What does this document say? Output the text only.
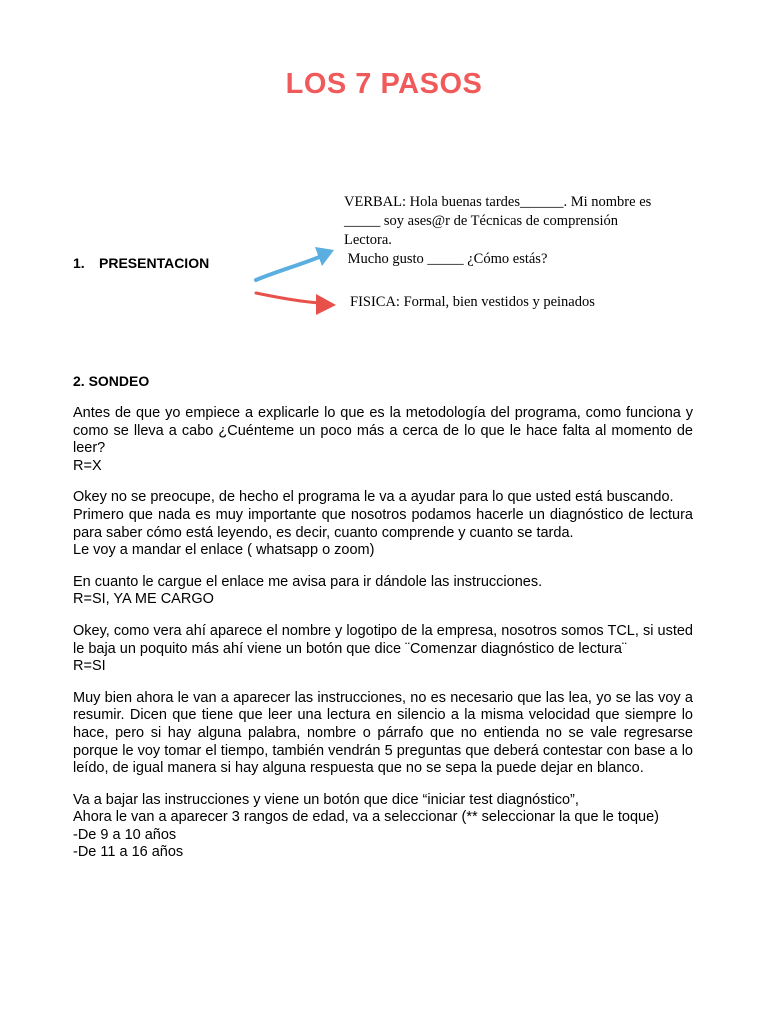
LOS 7 PASOS
1. PRESENTACION
VERBAL: Hola buenas tardes______. Mi nombre es
_____ soy ases@r de Técnicas de comprensión
Lectora.
Mucho gusto _____ ¿Cómo estás?
FISICA: Formal, bien vestidos y peinados
2. SONDEO

Antes de que yo empiece a explicarle lo que es la metodología del programa, como funciona y como se lleva a cabo ¿Cuénteme un poco más a cerca de lo que le hace falta al momento de leer?
R=X

Okey no se preocupe, de hecho el programa le va a ayudar para lo que usted está buscando.
Primero que nada es muy importante que nosotros podamos hacerle un diagnóstico de lectura para saber cómo está leyendo, es decir, cuanto comprende y cuanto se tarda.
Le voy a mandar el enlace ( whatsapp o zoom)

En cuanto le cargue el enlace me avisa para ir dándole las instrucciones.
R=SI, YA ME CARGO

Okey, como vera ahí aparece el nombre y logotipo de la empresa, nosotros somos TCL, si usted le baja un poquito más ahí viene un botón que dice ¨Comenzar diagnóstico de lectura¨
R=SI

Muy bien ahora le van a aparecer las instrucciones, no es necesario que las lea, yo se las voy a resumir. Dicen que tiene que leer una lectura en silencio a la misma velocidad que siempre lo hace, pero si hay alguna palabra, nombre o párrafo que no entienda no se vale regresarse porque le voy tomar el tiempo, también vendrán 5 preguntas que deberá contestar con base a lo leído, de igual manera si hay alguna respuesta que no se sepa la puede dejar en blanco.

Va a bajar las instrucciones y viene un botón que dice “iniciar test diagnóstico”,
Ahora le van a aparecer 3 rangos de edad, va a seleccionar (** seleccionar la que le toque)
-De 9 a 10 años
-De 11 a 16 años
